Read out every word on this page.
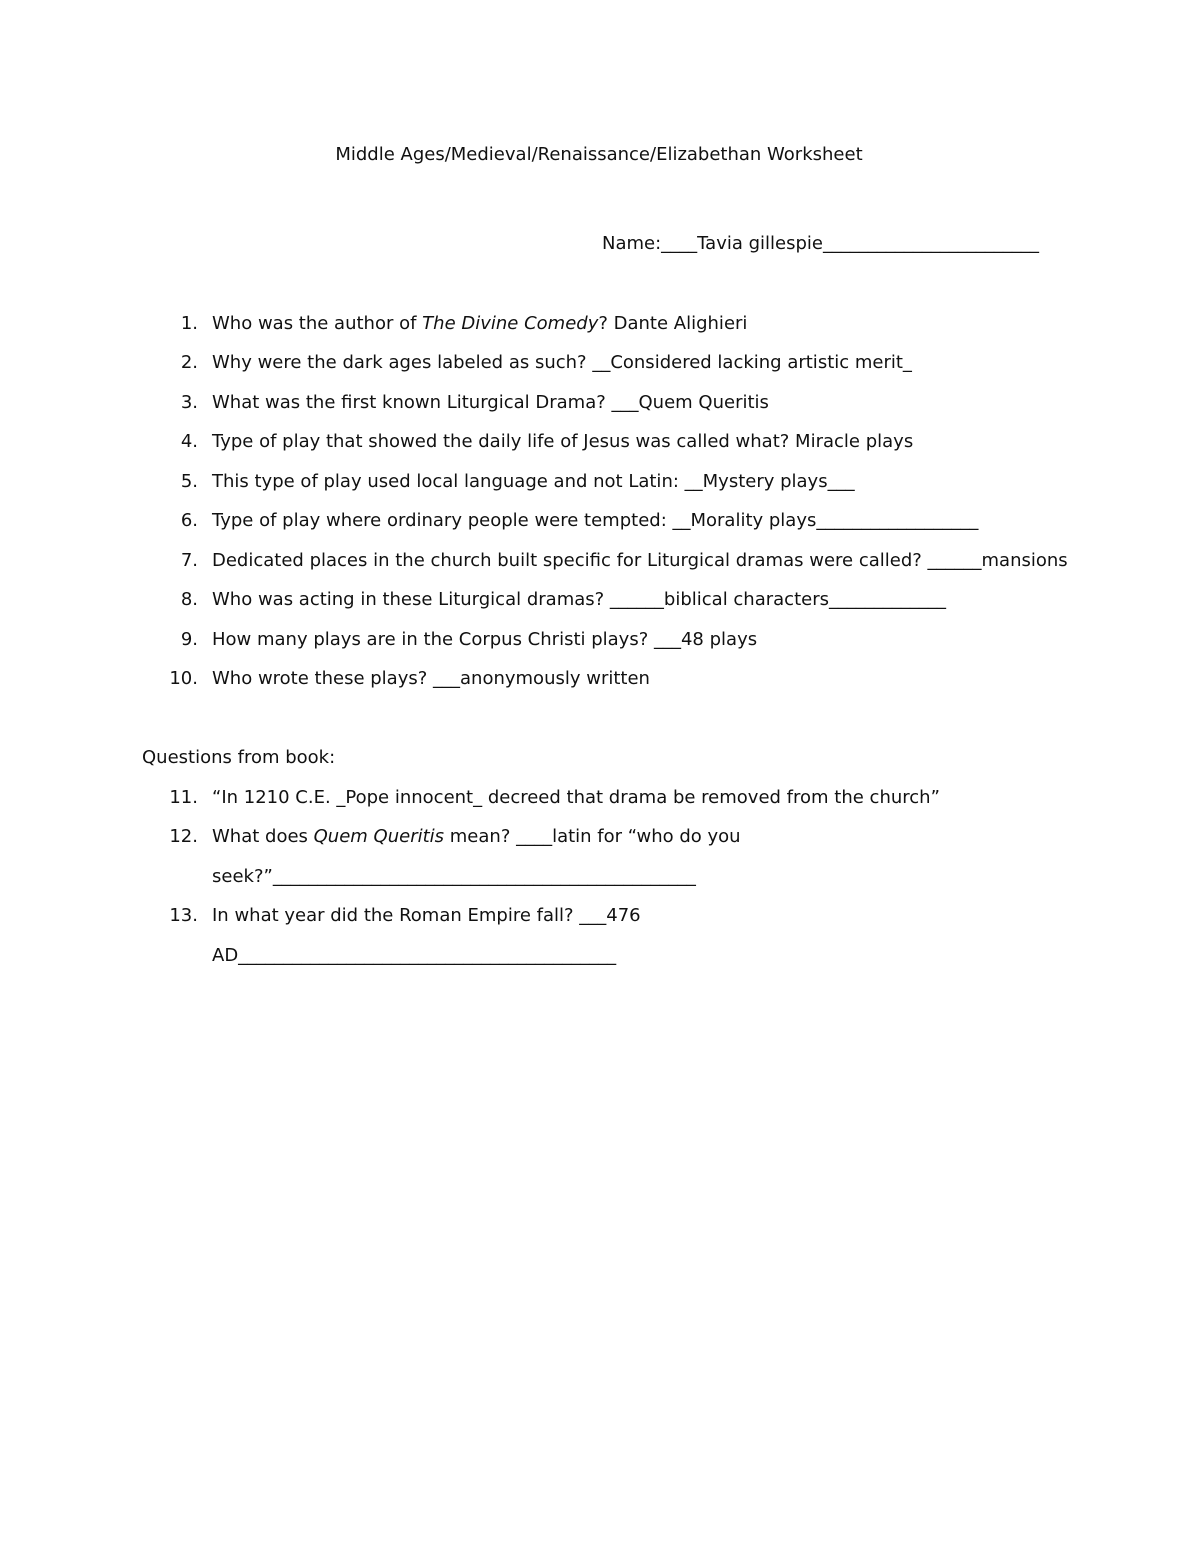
Middle Ages/Medieval/Renaissance/Elizabethan Worksheet
Name:____Tavia gillespie________________________
1. Who was the author of The Divine Comedy? Dante Alighieri
2. Why were the dark ages labeled as such? __Considered lacking artistic merit_
3. What was the first known Liturgical Drama? ___Quem Queritis
4. Type of play that showed the daily life of Jesus was called what? Miracle plays
5. This type of play used local language and not Latin: __Mystery plays___
6. Type of play where ordinary people were tempted: __Morality plays__________________
7. Dedicated places in the church built specific for Liturgical dramas were called? ______mansions
8. Who was acting in these Liturgical dramas? ______biblical characters_____________
9. How many plays are in the Corpus Christi plays? ___48 plays
10. Who wrote these plays? ___anonymously written
Questions from book:
11. “In 1210 C.E. _Pope innocent_ decreed that drama be removed from the church”
12. What does Quem Queritis mean? ____latin for “who do you
seek?”_______________________________________________
13. In what year did the Roman Empire fall? ___476
AD__________________________________________
